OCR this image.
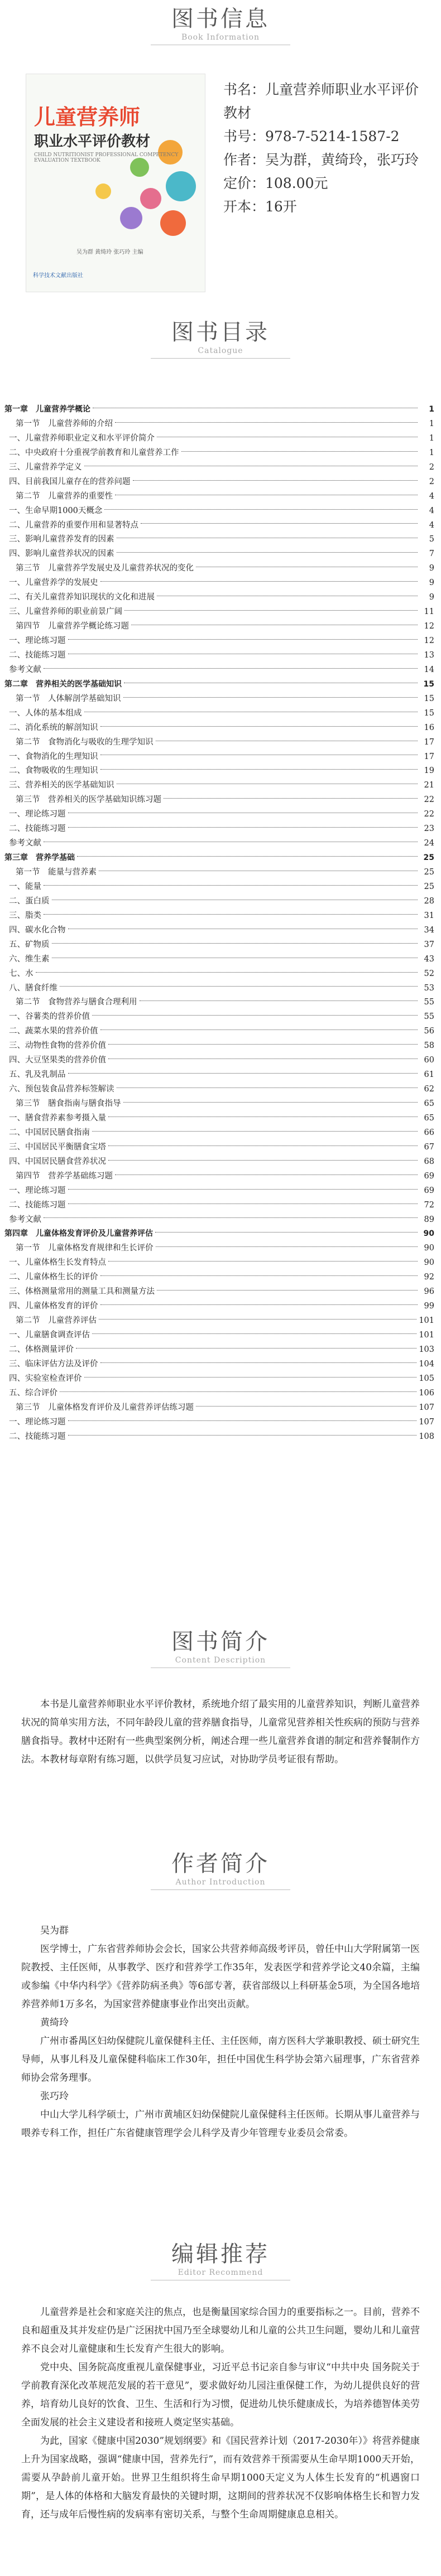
图书信息
Book Information
儿童营养师
职业水平评价教材
CHILD NUTRITIONIST PROFESSIONAL COMPETENCY EVALUATION TEXTBOOK
吴为群 黄绮玲 张巧玲 主编
科学技术文献出版社
书名：儿童营养师职业水平评价教材
书号：978-7-5214-1587-2
作者：吴为群，黄绮玲，张巧玲
定价：108.00元
开本：16开
图书目录
Catalogue
第一章　儿童营养学概论	1
第一节　儿童营养师的介绍	1
一、儿童营养师职业定义和水平评价简介	1
二、中央政府十分重视学前教育和儿童营养工作	1
三、儿童营养学定义	2
四、目前我国儿童存在的营养问题	2
第二节　儿童营养的重要性	4
一、生命早期1000天概念	4
二、儿童营养的重要作用和显著特点	4
三、影响儿童营养发育的因素	5
四、影响儿童营养状况的因素	7
第三节　儿童营养学发展史及儿童营养状况的变化	9
一、儿童营养学的发展史	9
二、有关儿童营养知识现状的文化和进展	9
三、儿童营养师的职业前景广阔	11
第四节　儿童营养学概论练习题	12
一、理论练习题	12
二、技能练习题	13
参考文献	14
第二章　营养相关的医学基础知识	15
第一节　人体解剖学基础知识	15
一、人体的基本组成	15
二、消化系统的解剖知识	16
第二节　食物消化与吸收的生理学知识	17
一、食物消化的生理知识	17
二、食物吸收的生理知识	19
三、营养相关的医学基础知识	21
第三节　营养相关的医学基础知识练习题	22
一、理论练习题	22
二、技能练习题	23
参考文献	24
第三章　营养学基础	25
第一节　能量与营养素	25
一、能量	25
二、蛋白质	28
三、脂类	31
四、碳水化合物	34
五、矿物质	37
六、维生素	43
七、水	52
八、膳食纤维	53
第二节　食物营养与膳食合理利用	55
一、谷薯类的营养价值	55
二、蔬菜水果的营养价值	56
三、动物性食物的营养价值	58
四、大豆坚果类的营养价值	60
五、乳及乳制品	61
六、预包装食品营养标签解读	62
第三节　膳食指南与膳食指导	65
一、膳食营养素参考摄入量	65
二、中国居民膳食指南	66
三、中国居民平衡膳食宝塔	67
四、中国居民膳食营养状况	68
第四节　营养学基础练习题	69
一、理论练习题	69
二、技能练习题	72
参考文献	89
第四章　儿童体格发育评价及儿童营养评估	90
第一节　儿童体格发育规律和生长评价	90
一、儿童体格生长发育特点	90
二、儿童体格生长的评价	92
三、体格测量常用的测量工具和测量方法	96
四、儿童体格发育的评价	99
第二节　儿童营养评估	101
一、儿童膳食调查评估	101
二、体格测量评价	103
三、临床评估方法及评价	104
四、实验室检查评价	105
五、综合评价	106
第三节　儿童体格发育评价及儿童营养评估练习题	107
一、理论练习题	107
二、技能练习题	108
图书简介
Content Description

本书是儿童营养师职业水平评价教材，系统地介绍了最实用的儿童营养知识，判断儿童营养状况的简单实用方法，不同年龄段儿童的营养膳食指导，儿童常见营养相关性疾病的预防与营养膳食指导。教材中还附有一些典型案例分析，阐述合理一些儿童营养食谱的制定和营养餐制作方法。本教材每章附有练习题，以供学员复习应试，对协助学员考证很有帮助。

作者简介
Author Introduction

吴为群

医学博士，广东省营养师协会会长，国家公共营养师高级考评员，曾任中山大学附属第一医院教授、主任医师，从事教学、医疗和营养学工作35年，发表医学和营养学论文40余篇，主编或参编《中华内科学》《营养防病圣典》等6部专著，获省部级以上科研基金5项，为全国各地培养营养师1万多名，为国家营养健康事业作出突出贡献。

黄绮玲

广州市番禺区妇幼保健院儿童保健科主任、主任医师，南方医科大学兼职教授、硕士研究生导师，从事儿科及儿童保健科临床工作30年，担任中国优生科学协会第六届理事，广东省营养师协会常务理事。

张巧玲

中山大学儿科学硕士，广州市黄埔区妇幼保健院儿童保健科主任医师。长期从事儿童营养与喂养专科工作，担任广东省健康管理学会儿科学及青少年管理专业委员会常委。

编辑推荐
Editor Recommend

儿童营养是社会和家庭关注的焦点，也是衡量国家综合国力的重要指标之一。目前，营养不良和超重及其并发症仍是广泛困扰中国乃至全球婴幼儿和儿童的公共卫生问题，婴幼儿和儿童营养不良会对儿童健康和生长发育产生很大的影响。

党中央、国务院高度重视儿童保健事业，习近平总书记亲自参与审议“中共中央 国务院关于学前教育深化改革规范发展的若干意见”，要求做好幼儿园注重保健工作，为幼儿提供良好的营养，培育幼儿良好的饮食、卫生、生活和行为习惯，促进幼儿快乐健康成长，为培养德智体美劳全面发展的社会主义建设者和接班人奠定坚实基础。

为此，国家《健康中国2030”规划纲要》和《国民营养计划（2017-2030年）》将营养健康上升为国家战略，强调“健康中国，营养先行”，而有效营养干预需要从生命早期1000天开始，需要从孕龄前儿童开始。世界卫生组织将生命早期1000天定义为人体生长发育的“机遇窗口期”，是人体的体格和大脑发育最快的关键时期，这期间的营养状况不仅影响体格生长和智力发育，还与成年后慢性病的发病率有密切关系，与整个生命周期健康息息相关。
